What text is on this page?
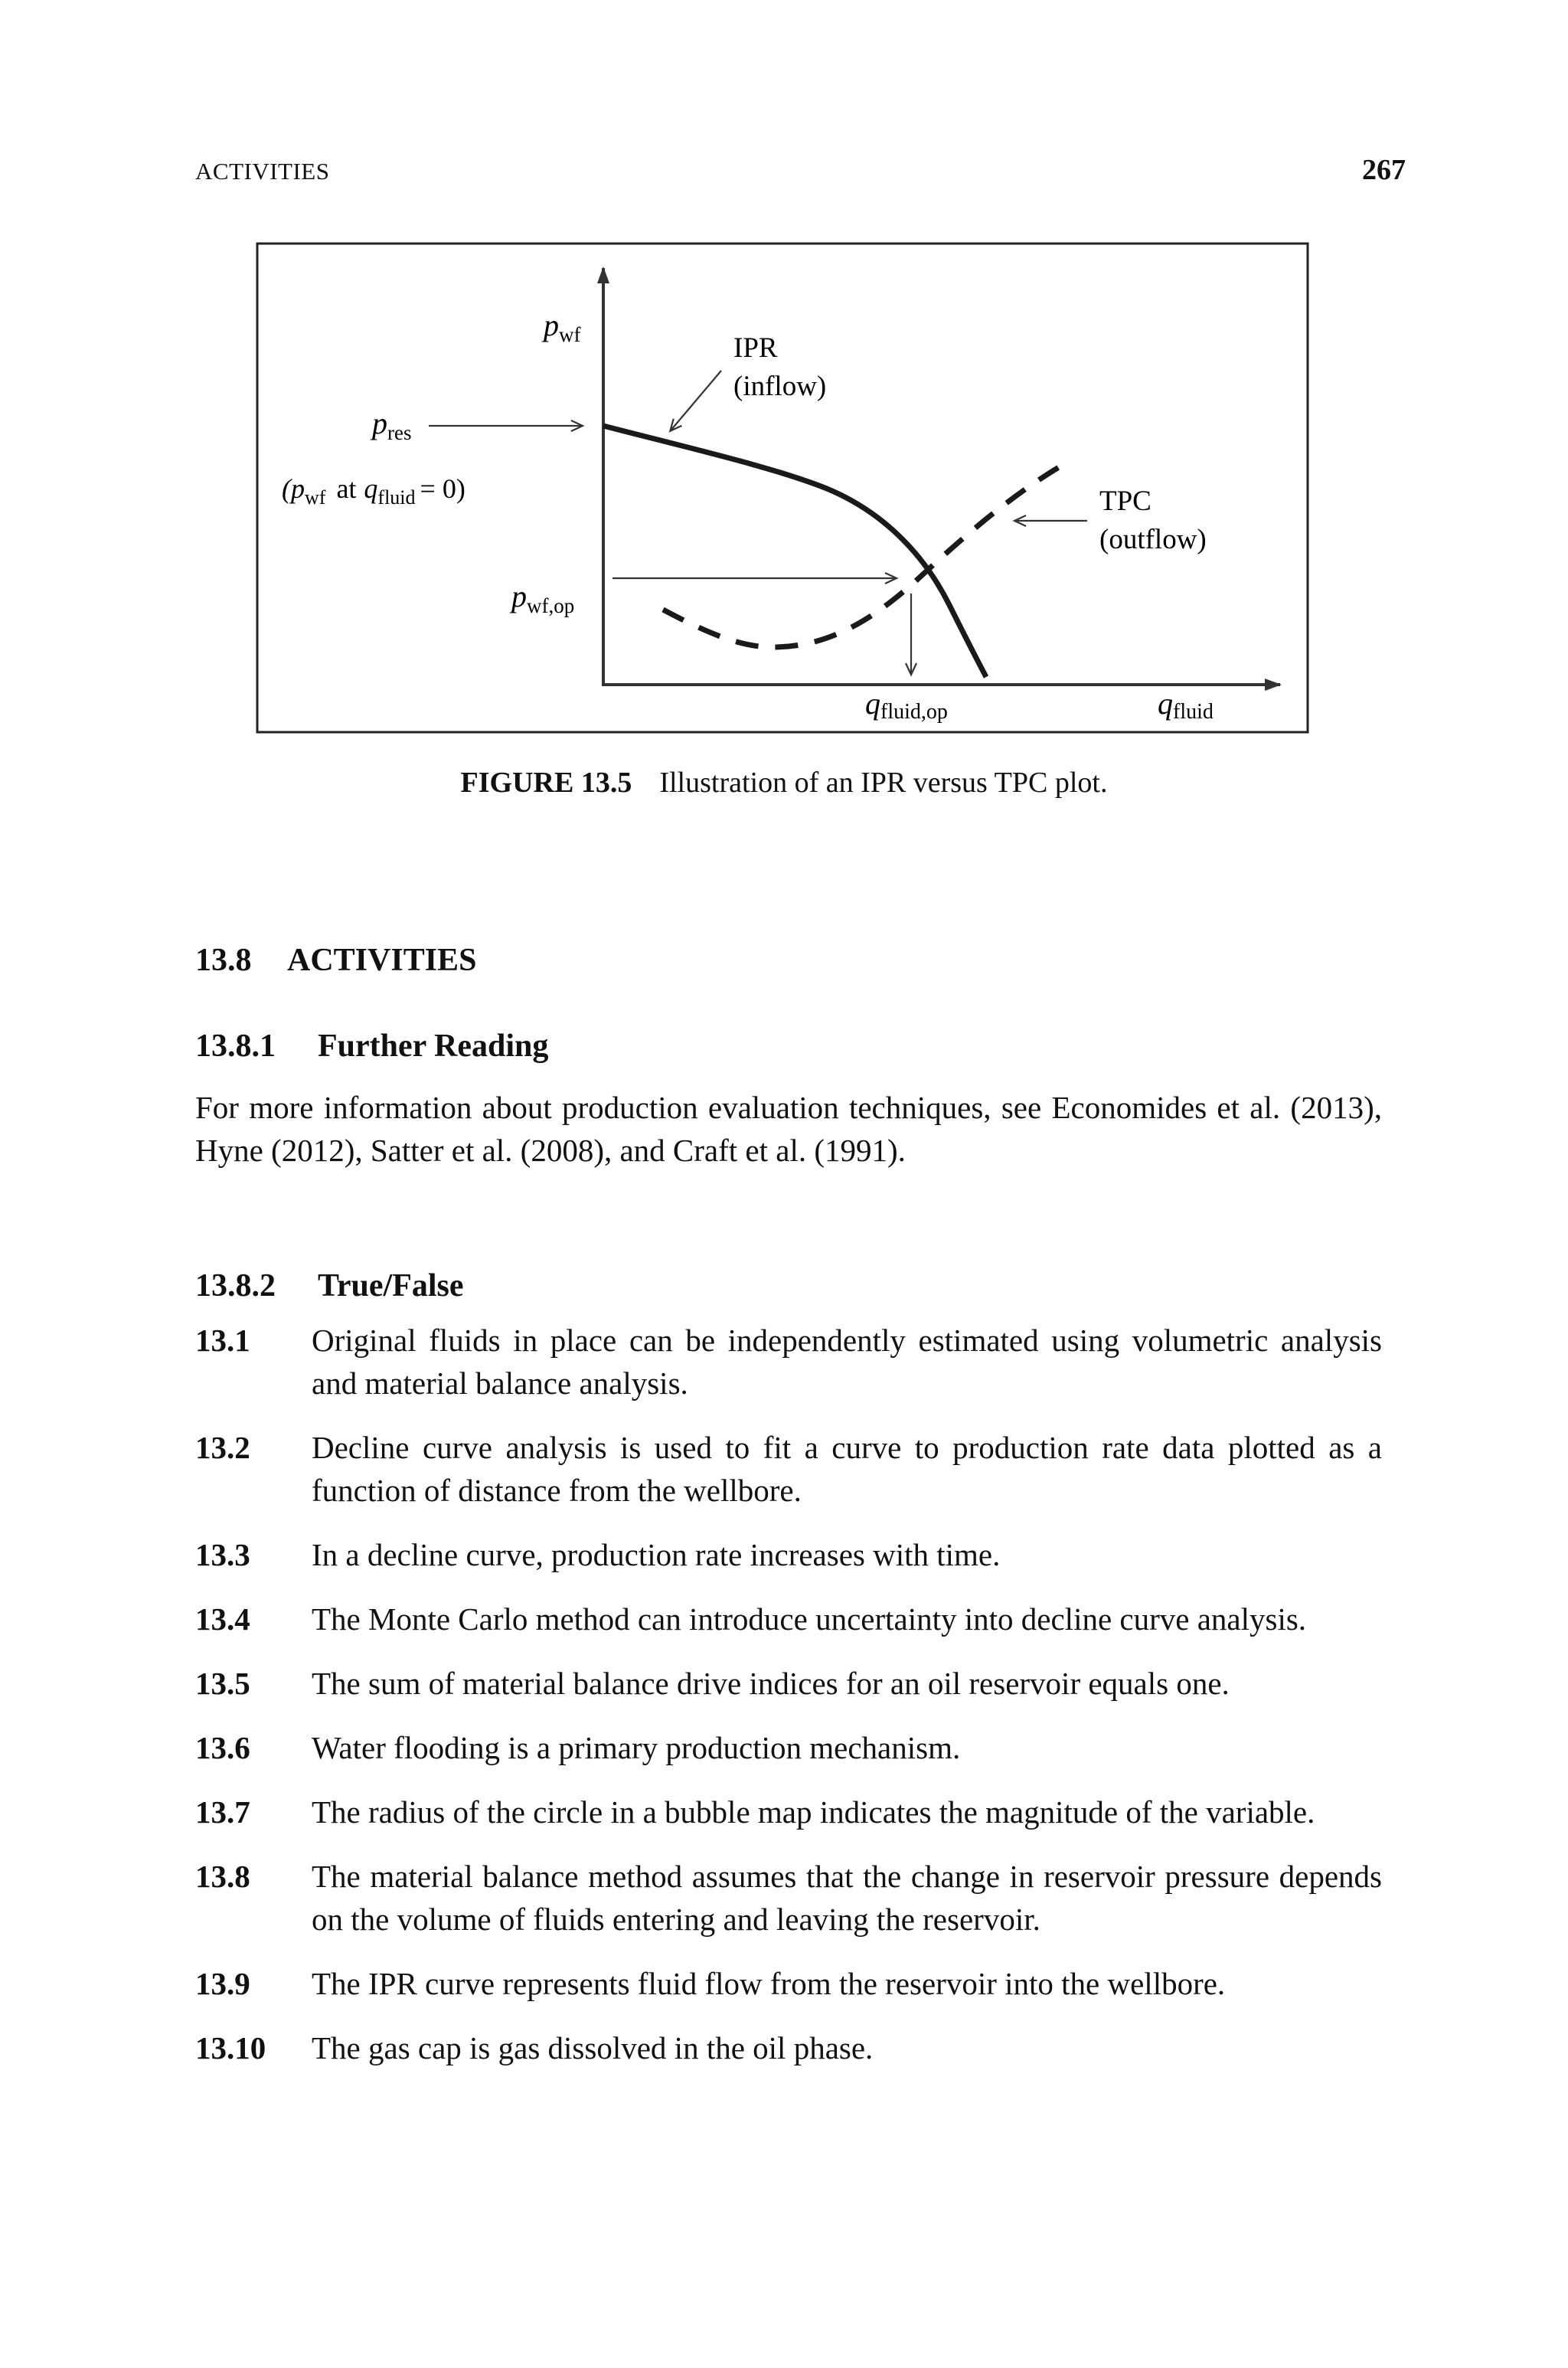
ACTIVITIES	267
$p_{wf}$
$p_{res}$
($p_{wf}$ at $q_{fluid} = 0$)
$p_{wf,op}$
IPR (inflow)
TPC (outflow)
qfluid,op	qfluid
FIGURE 13.5 Illustration of an IPR versus TPC plot.
13.8 ACTIVITIES
13.8.1 Further Reading
For more information about production evaluation techniques, see Economides et al. (2013), Hyne (2012), Satter et al. (2008), and Craft et al. (1991).
13.8.2 True/False
13.1	Original fluids in place can be independently estimated using volumetric analysis and material balance analysis.
13.2	Decline curve analysis is used to fit a curve to production rate data plotted as a function of distance from the wellbore.
13.3	In a decline curve, production rate increases with time.
13.4	The Monte Carlo method can introduce uncertainty into decline curve analysis.
13.5	The sum of material balance drive indices for an oil reservoir equals one.
13.6	Water flooding is a primary production mechanism.
13.7	The radius of the circle in a bubble map indicates the magnitude of the variable.
13.8	The material balance method assumes that the change in reservoir pressure depends on the volume of fluids entering and leaving the reservoir.
13.9	The IPR curve represents fluid flow from the reservoir into the wellbore.
13.10	The gas cap is gas dissolved in the oil phase.
